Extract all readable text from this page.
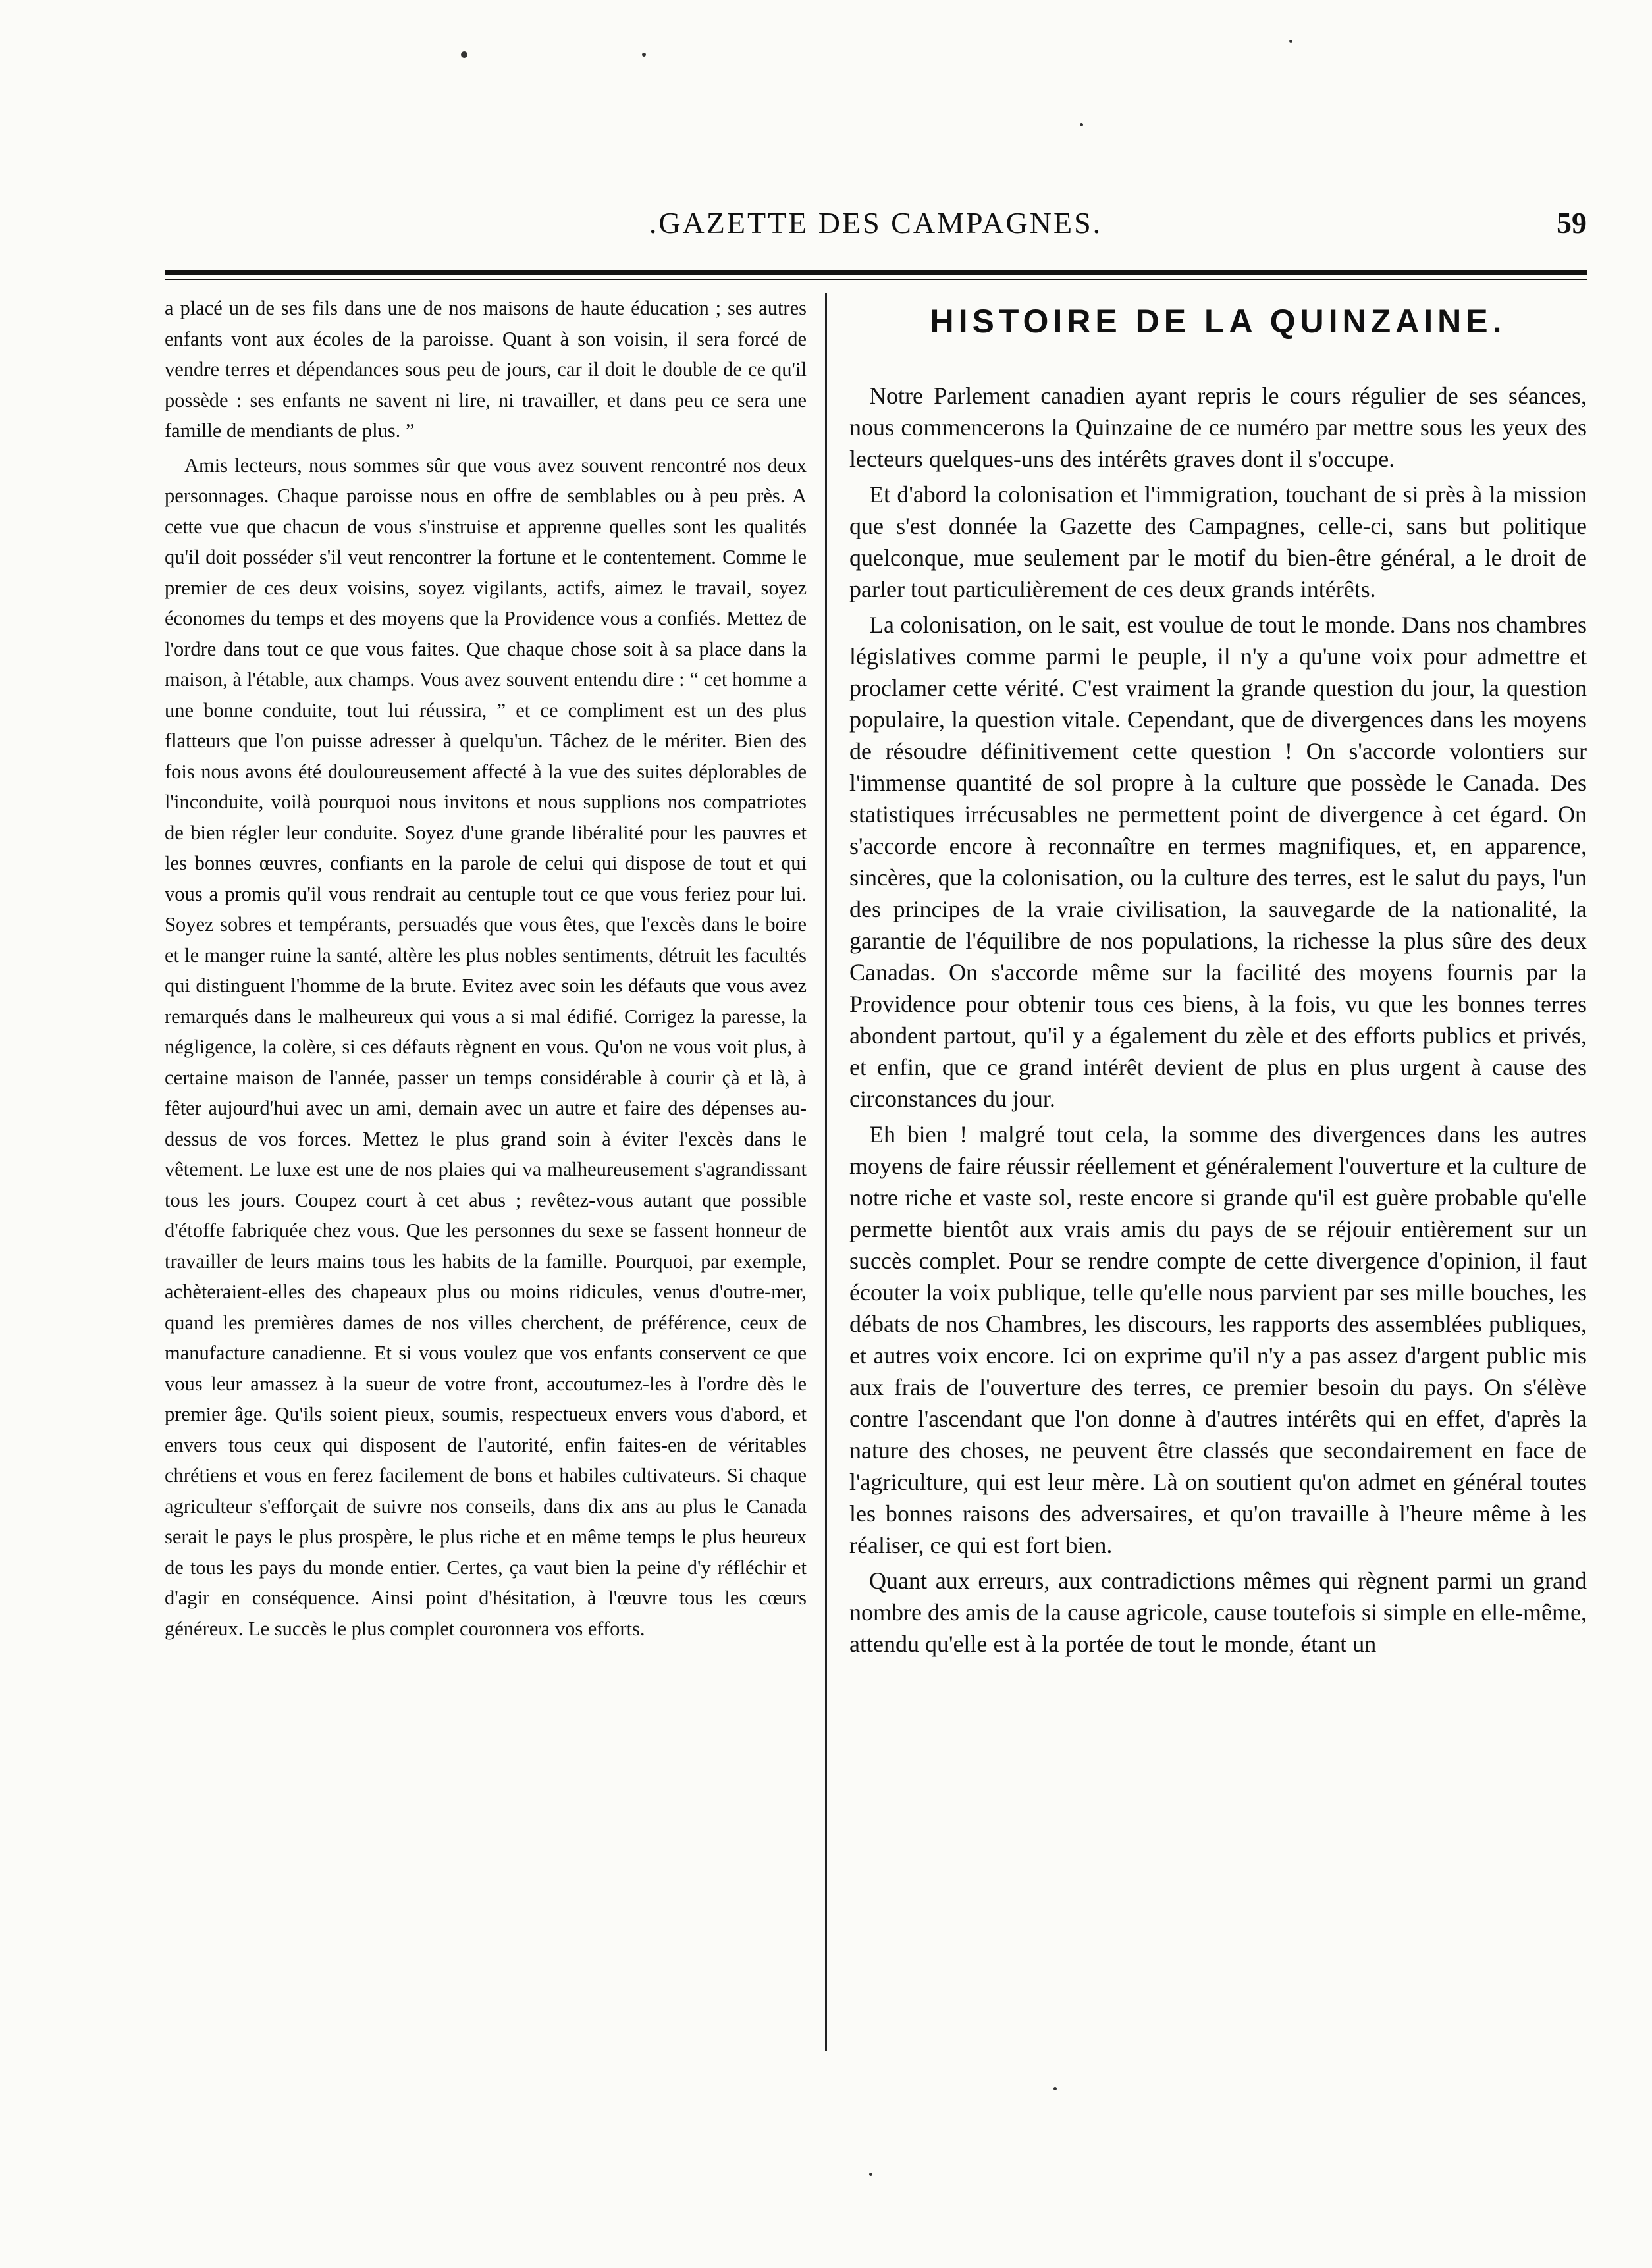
.GAZETTE DES CAMPAGNES.	59

a placé un de ses fils dans une de nos maisons de haute éducation ; ses autres enfants vont aux écoles de la paroisse. Quant à son voisin, il sera forcé de vendre terres et dépendances sous peu de jours, car il doit le double de ce qu'il possède : ses enfants ne savent ni lire, ni travailler, et dans peu ce sera une famille de mendiants de plus. ”

Amis lecteurs, nous sommes sûr que vous avez souvent rencontré nos deux personnages. Chaque paroisse nous en offre de semblables ou à peu près. A cette vue que chacun de vous s'instruise et apprenne quelles sont les qualités qu'il doit posséder s'il veut rencontrer la fortune et le contentement. Comme le premier de ces deux voisins, soyez vigilants, actifs, aimez le travail, soyez économes du temps et des moyens que la Providence vous a confiés. Mettez de l'ordre dans tout ce que vous faites. Que chaque chose soit à sa place dans la maison, à l'étable, aux champs. Vous avez souvent entendu dire : “ cet homme a une bonne conduite, tout lui réussira, ” et ce compliment est un des plus flatteurs que l'on puisse adresser à quelqu'un. Tâchez de le mériter. Bien des fois nous avons été douloureusement affecté à la vue des suites déplorables de l'inconduite, voilà pourquoi nous invitons et nous supplions nos compatriotes de bien régler leur conduite. Soyez d'une grande libéralité pour les pauvres et les bonnes œuvres, confiants en la parole de celui qui dispose de tout et qui vous a promis qu'il vous rendrait au centuple tout ce que vous feriez pour lui. Soyez sobres et tempérants, persuadés que vous êtes, que l'excès dans le boire et le manger ruine la santé, altère les plus nobles sentiments, détruit les facultés qui distinguent l'homme de la brute. Evitez avec soin les défauts que vous avez remarqués dans le malheureux qui vous a si mal édifié. Corrigez la paresse, la négligence, la colère, si ces défauts règnent en vous. Qu'on ne vous voit plus, à certaine maison de l'année, passer un temps considérable à courir çà et là, à fêter aujourd'hui avec un ami, demain avec un autre et faire des dépenses au-dessus de vos forces. Mettez le plus grand soin à éviter l'excès dans le vêtement. Le luxe est une de nos plaies qui va malheureusement s'agrandissant tous les jours. Coupez court à cet abus ; revêtez-vous autant que possible d'étoffe fabriquée chez vous. Que les personnes du sexe se fassent honneur de travailler de leurs mains tous les habits de la famille. Pourquoi, par exemple, achèteraient-elles des chapeaux plus ou moins ridicules, venus d'outre-mer, quand les premières dames de nos villes cherchent, de préférence, ceux de manufacture canadienne. Et si vous voulez que vos enfants conservent ce que vous leur amassez à la sueur de votre front, accoutumez-les à l'ordre dès le premier âge. Qu'ils soient pieux, soumis, respectueux envers vous d'abord, et envers tous ceux qui disposent de l'autorité, enfin faites-en de véritables chrétiens et vous en ferez facilement de bons et habiles cultivateurs. Si chaque agriculteur s'efforçait de suivre nos conseils, dans dix ans au plus le Canada serait le pays le plus prospère, le plus riche et en même temps le plus heureux de tous les pays du monde entier. Certes, ça vaut bien la peine d'y réfléchir et d'agir en conséquence. Ainsi point d'hésitation, à l'œuvre tous les cœurs généreux. Le succès le plus complet couronnera vos efforts.

HISTOIRE DE LA QUINZAINE.

Notre Parlement canadien ayant repris le cours régulier de ses séances, nous commencerons la Quinzaine de ce numéro par mettre sous les yeux des lecteurs quelques-uns des intérêts graves dont il s'occupe.

Et d'abord la colonisation et l'immigration, touchant de si près à la mission que s'est donnée la Gazette des Campagnes, celle-ci, sans but politique quelconque, mue seulement par le motif du bien-être général, a le droit de parler tout particulièrement de ces deux grands intérêts.

La colonisation, on le sait, est voulue de tout le monde. Dans nos chambres législatives comme parmi le peuple, il n'y a qu'une voix pour admettre et proclamer cette vérité. C'est vraiment la grande question du jour, la question populaire, la question vitale. Cependant, que de divergences dans les moyens de résoudre définitivement cette question ! On s'accorde volontiers sur l'immense quantité de sol propre à la culture que possède le Canada. Des statistiques irrécusables ne permettent point de divergence à cet égard. On s'accorde encore à reconnaître en termes magnifiques, et, en apparence, sincères, que la colonisation, ou la culture des terres, est le salut du pays, l'un des principes de la vraie civilisation, la sauvegarde de la nationalité, la garantie de l'équilibre de nos populations, la richesse la plus sûre des deux Canadas. On s'accorde même sur la facilité des moyens fournis par la Providence pour obtenir tous ces biens, à la fois, vu que les bonnes terres abondent partout, qu'il y a également du zèle et des efforts publics et privés, et enfin, que ce grand intérêt devient de plus en plus urgent à cause des circonstances du jour.

Eh bien ! malgré tout cela, la somme des divergences dans les autres moyens de faire réussir réellement et généralement l'ouverture et la culture de notre riche et vaste sol, reste encore si grande qu'il est guère probable qu'elle permette bientôt aux vrais amis du pays de se réjouir entièrement sur un succès complet. Pour se rendre compte de cette divergence d'opinion, il faut écouter la voix publique, telle qu'elle nous parvient par ses mille bouches, les débats de nos Chambres, les discours, les rapports des assemblées publiques, et autres voix encore. Ici on exprime qu'il n'y a pas assez d'argent public mis aux frais de l'ouverture des terres, ce premier besoin du pays. On s'élève contre l'ascendant que l'on donne à d'autres intérêts qui en effet, d'après la nature des choses, ne peuvent être classés que secondairement en face de l'agriculture, qui est leur mère. Là on soutient qu'on admet en général toutes les bonnes raisons des adversaires, et qu'on travaille à l'heure même à les réaliser, ce qui est fort bien.

Quant aux erreurs, aux contradictions mêmes qui règnent parmi un grand nombre des amis de la cause agricole, cause toutefois si simple en elle-même, attendu qu'elle est à la portée de tout le monde, étant un
